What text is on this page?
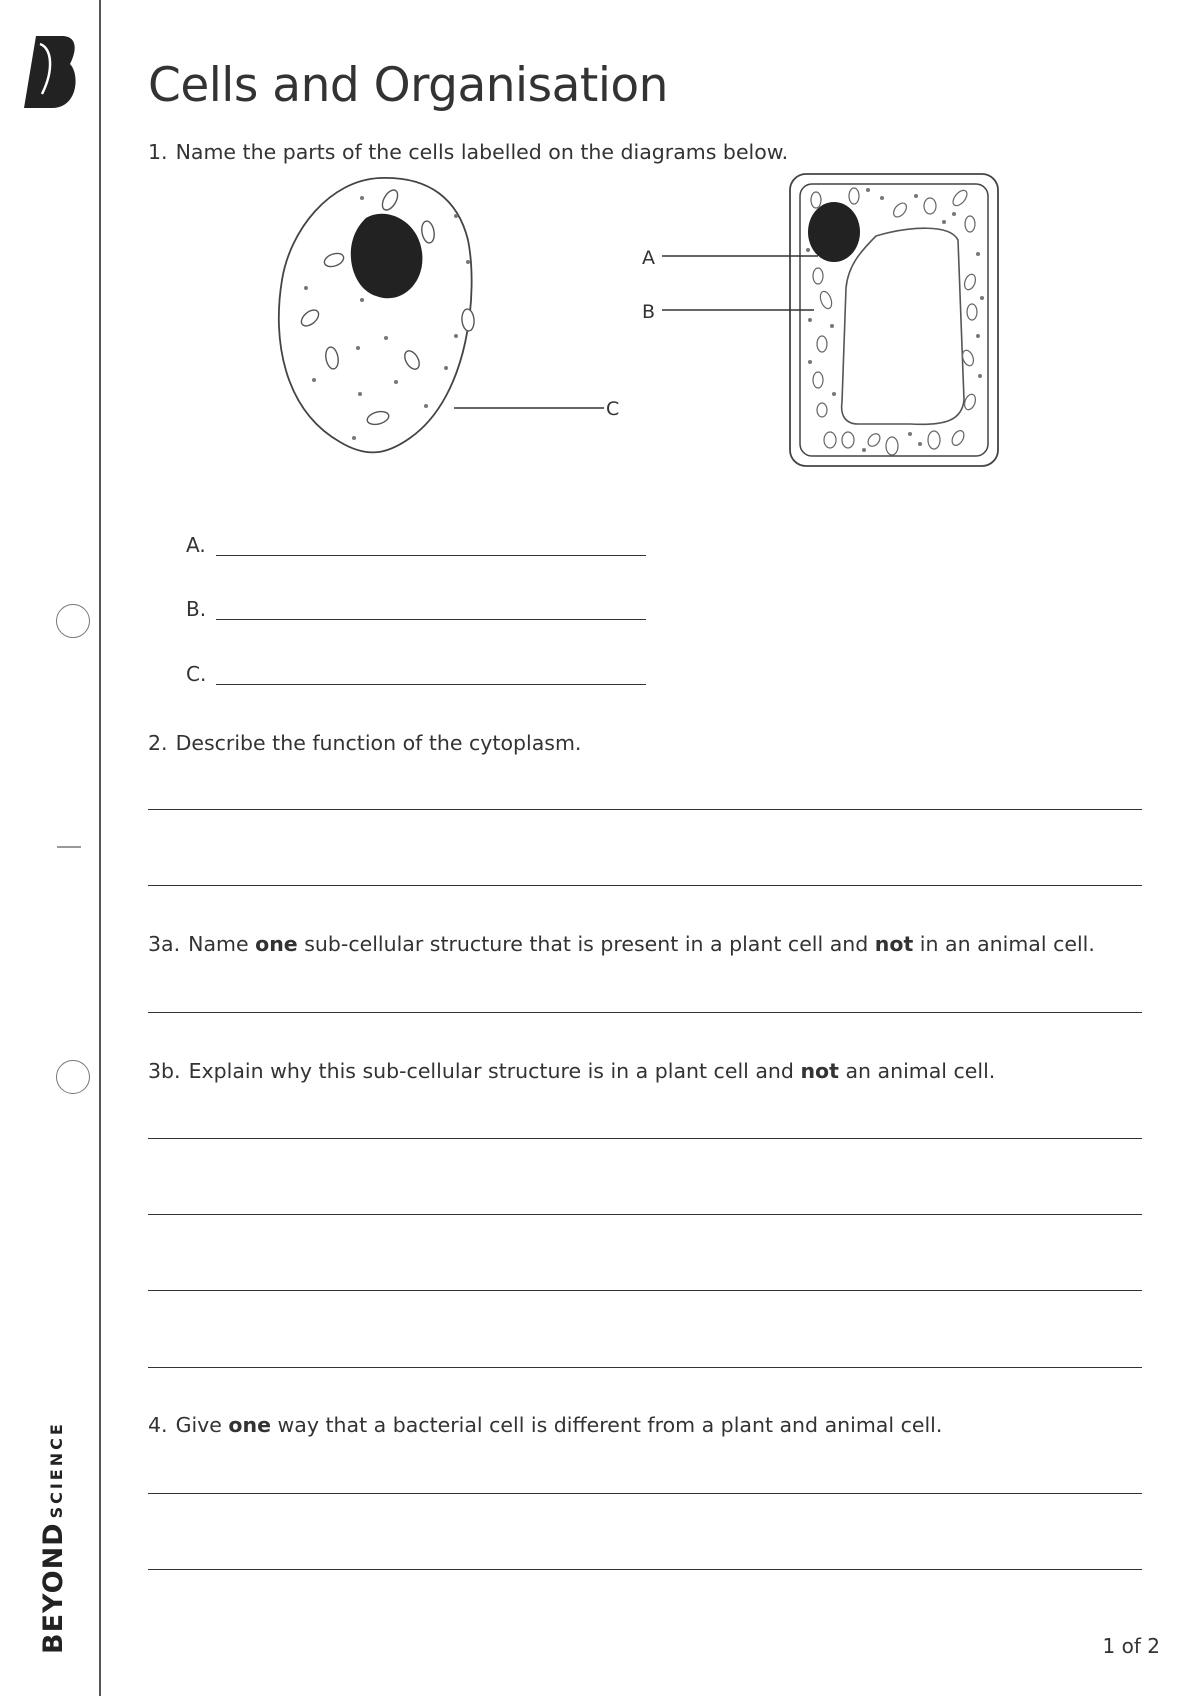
BEYONDSCIENCE
Cells and Organisation
1. Name the parts of the cells labelled on the diagrams below.
C
A
B
A.
B.
C.
2. Describe the function of the cytoplasm.
3a. Name one sub-cellular structure that is present in a plant cell and not in an animal cell.
3b. Explain why this sub-cellular structure is in a plant cell and not an animal cell.
4. Give one way that a bacterial cell is different from a plant and animal cell.
1 of 2
